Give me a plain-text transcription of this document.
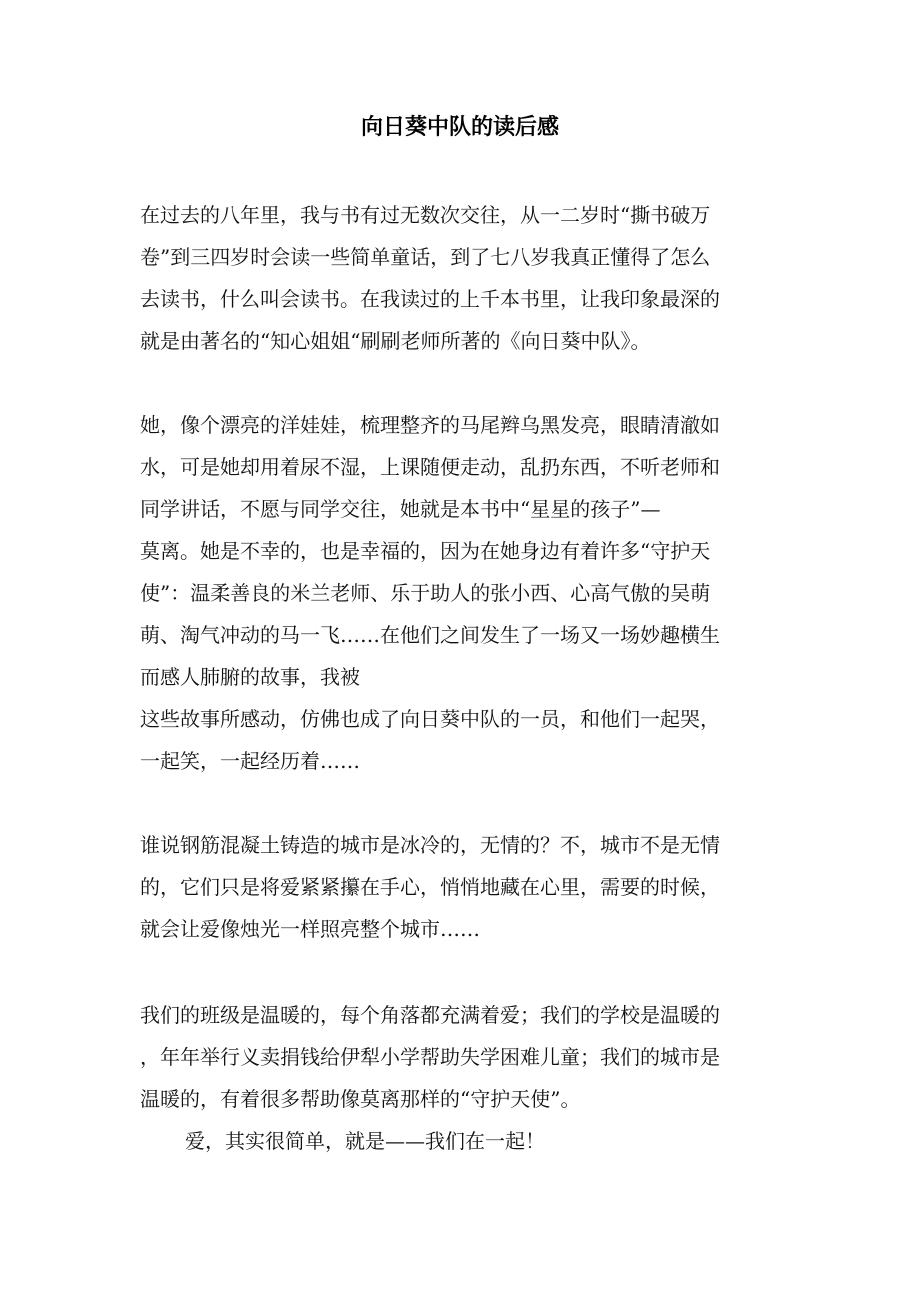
向日葵中队的读后感
在过去的八年里，我与书有过无数次交往，从一二岁时“撕书破万
卷”到三四岁时会读一些简单童话，到了七八岁我真正懂得了怎么
去读书，什么叫会读书。在我读过的上千本书里，让我印象最深的
就是由著名的“知心姐姐“刷刷老师所著的《向日葵中队》。
她，像个漂亮的洋娃娃，梳理整齐的马尾辫乌黑发亮，眼睛清澈如
水，可是她却用着尿不湿，上课随便走动，乱扔东西，不听老师和
同学讲话，不愿与同学交往，她就是本书中“星星的孩子”—
莫离。她是不幸的，也是幸福的，因为在她身边有着许多“守护天
使”：温柔善良的米兰老师、乐于助人的张小西、心高气傲的吴萌
萌、淘气冲动的马一飞……在他们之间发生了一场又一场妙趣横生
而感人肺腑的故事，我被
这些故事所感动，仿佛也成了向日葵中队的一员，和他们一起哭，
一起笑，一起经历着……
谁说钢筋混凝土铸造的城市是冰冷的，无情的？不，城市不是无情
的，它们只是将爱紧紧攥在手心，悄悄地藏在心里，需要的时候，
就会让爱像烛光一样照亮整个城市……
我们的班级是温暖的，每个角落都充满着爱；我们的学校是温暖的
，年年举行义卖捐钱给伊犁小学帮助失学困难儿童；我们的城市是
温暖的，有着很多帮助像莫离那样的“守护天使”。
爱，其实很简单，就是——我们在一起！
